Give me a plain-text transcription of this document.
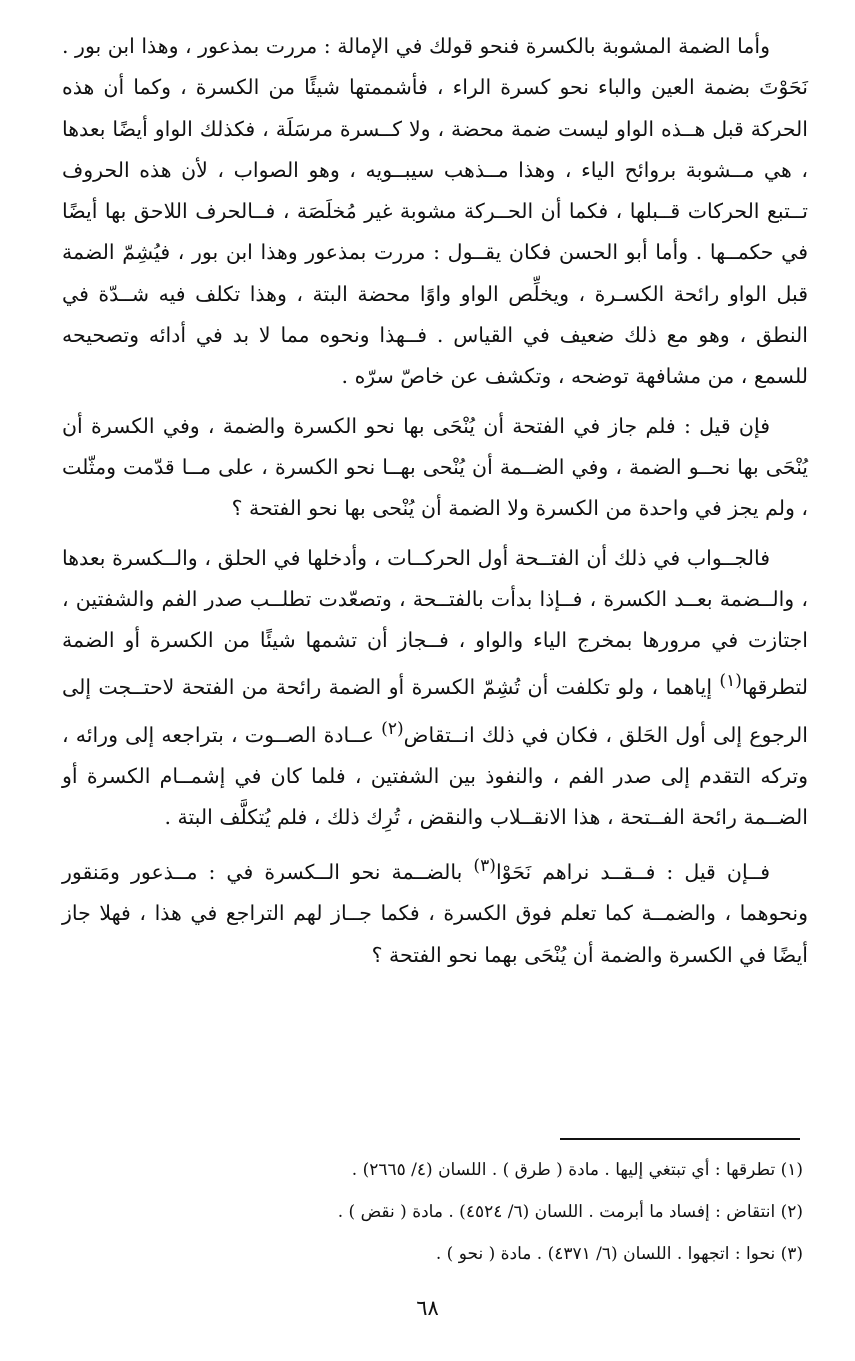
وأما الضمة المشوبة بالكسرة فنحو قولك في الإمالة : مررت بمذعور ، وهذا ابن بور . نَحَوْتَ بضمة العين والباء نحو كسرة الراء ، فأشممتها شيئًا من الكسرة ، وكما أن هذه الحركة قبل هــذه الواو ليست ضمة محضة ، ولا كــسرة مرسَلَة ، فكذلك الواو أيضًا بعدها ، هي مــشوبة بروائح الياء ، وهذا مــذهب سيبــويه ، وهو الصواب ، لأن هذه الحروف تــتبع الحركات قــبلها ، فكما أن الحــركة مشوبة غير مُخلَصَة ، فــالحرف اللاحق بها أيضًا في حكمــها . وأما أبو الحسن فكان يقــول : مررت بمذعور وهذا ابن بور ، فيُشِمّ الضمة قبل الواو رائحة الكسـرة ، ويخلِّص الواو واوًا محضة البتة ، وهذا تكلف فيه شــدّة في النطق ، وهو مع ذلك ضعيف في القياس . فــهذا ونحوه مما لا بد في أدائه وتصحيحه للسمع ، من مشافهة توضحه ، وتكشف عن خاصّ سرّه .

فإن قيل : فلم جاز في الفتحة أن يُنْحَى بها نحو الكسرة والضمة ، وفي الكسرة أن يُنْحَى بها نحــو الضمة ، وفي الضــمة أن يُنْحى بهــا نحو الكسرة ، على مــا قدّمت ومثّلت ، ولم يجز في واحدة من الكسرة ولا الضمة أن يُنْحى بها نحو الفتحة ؟

فالجــواب في ذلك أن الفتــحة أول الحركــات ، وأدخلها في الحلق ، والــكسرة بعدها ، والــضمة بعــد الكسرة ، فــإذا بدأت بالفتــحة ، وتصعّدت تطلــب صدر الفم والشفتين ، اجتازت في مرورها بمخرج الياء والواو ، فــجاز أن تشمها شيئًا من الكسرة أو الضمة لتطرقها$^{(١)}$ إياهما ، ولو تكلفت أن تُشِمّ الكسرة أو الضمة رائحة من الفتحة لاحتــجت إلى الرجوع إلى أول الحَلق ، فكان في ذلك انــتقاض$^{(٢)}$ عــادة الصــوت ، بتراجعه إلى ورائه ، وتركه التقدم إلى صدر الفم ، والنفوذ بين الشفتين ، فلما كان في إشمــام الكسرة أو الضــمة رائحة الفــتحة ، هذا الانقــلاب والنقض ، تُرِك ذلك ، فلم يُتكلَّف البتة .

فــإن قيل : فــقــد نراهم نَحَوْا$^{(٣)}$ بالضــمة نحو الــكسرة في : مــذعور ومَنقور ونحوهما ، والضمــة كما تعلم فوق الكسرة ، فكما جــاز لهم التراجع في هذا ، فهلا جاز أيضًا في الكسرة والضمة أن يُنْحَى بهما نحو الفتحة ؟

(١) تطرقها : أي تبتغي إليها . مادة ( طرق ) . اللسان (٤/ ٢٦٦٥) .
(٢) انتقاض : إفساد ما أبرمت . اللسان (٦/ ٤٥٢٤) . مادة ( نقض ) .
(٣) نحوا : اتجهوا . اللسان (٦/ ٤٣٧١) . مادة ( نحو ) .
٦٨
